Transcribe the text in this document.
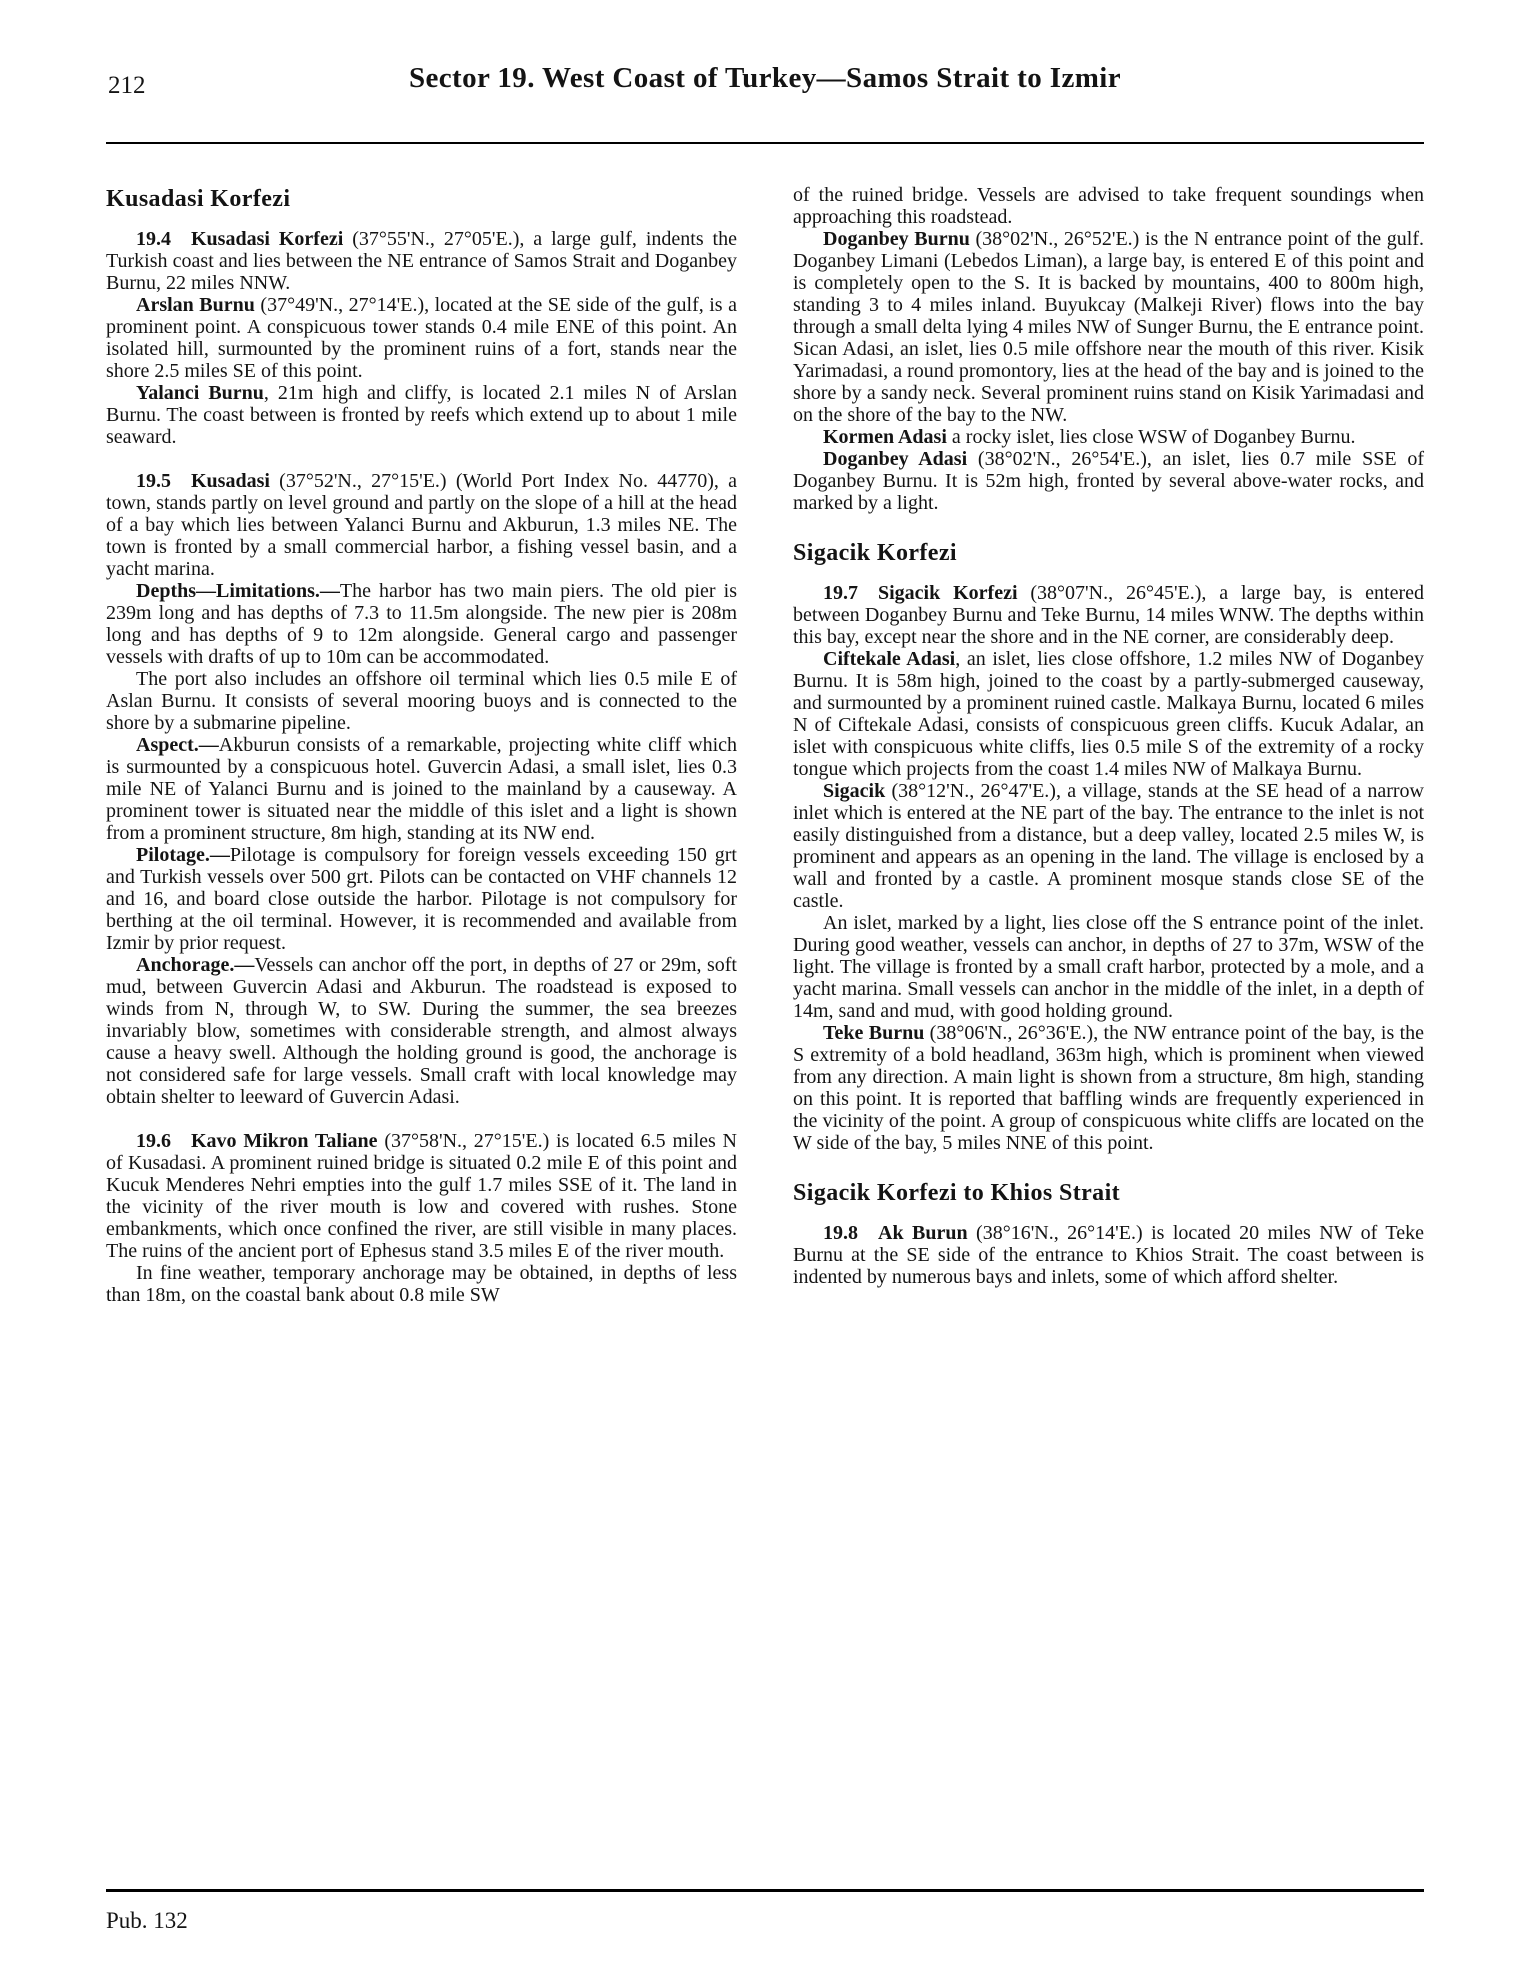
212	Sector 19. West Coast of Turkey—Samos Strait to Izmir
Kusadasi Korfezi

19.4 Kusadasi Korfezi (37°55'N., 27°05'E.), a large gulf, indents the Turkish coast and lies between the NE entrance of Samos Strait and Doganbey Burnu, 22 miles NNW.

Arslan Burnu (37°49'N., 27°14'E.), located at the SE side of the gulf, is a prominent point. A conspicuous tower stands 0.4 mile ENE of this point. An isolated hill, surmounted by the prominent ruins of a fort, stands near the shore 2.5 miles SE of this point.

Yalanci Burnu, 21m high and cliffy, is located 2.1 miles N of Arslan Burnu. The coast between is fronted by reefs which extend up to about 1 mile seaward.

19.5 Kusadasi (37°52'N., 27°15'E.) (World Port Index No. 44770), a town, stands partly on level ground and partly on the slope of a hill at the head of a bay which lies between Yalanci Burnu and Akburun, 1.3 miles NE. The town is fronted by a small commercial harbor, a fishing vessel basin, and a yacht marina.

Depths—Limitations.—The harbor has two main piers. The old pier is 239m long and has depths of 7.3 to 11.5m alongside. The new pier is 208m long and has depths of 9 to 12m alongside. General cargo and passenger vessels with drafts of up to 10m can be accommodated.

The port also includes an offshore oil terminal which lies 0.5 mile E of Aslan Burnu. It consists of several mooring buoys and is connected to the shore by a submarine pipeline.

Aspect.—Akburun consists of a remarkable, projecting white cliff which is surmounted by a conspicuous hotel. Guvercin Adasi, a small islet, lies 0.3 mile NE of Yalanci Burnu and is joined to the mainland by a causeway. A prominent tower is situated near the middle of this islet and a light is shown from a prominent structure, 8m high, standing at its NW end.

Pilotage.—Pilotage is compulsory for foreign vessels exceeding 150 grt and Turkish vessels over 500 grt. Pilots can be contacted on VHF channels 12 and 16, and board close outside the harbor. Pilotage is not compulsory for berthing at the oil terminal. However, it is recommended and available from Izmir by prior request.

Anchorage.—Vessels can anchor off the port, in depths of 27 or 29m, soft mud, between Guvercin Adasi and Akburun. The roadstead is exposed to winds from N, through W, to SW. During the summer, the sea breezes invariably blow, sometimes with considerable strength, and almost always cause a heavy swell. Although the holding ground is good, the anchorage is not considered safe for large vessels. Small craft with local knowledge may obtain shelter to leeward of Guvercin Adasi.

19.6 Kavo Mikron Taliane (37°58'N., 27°15'E.) is located 6.5 miles N of Kusadasi. A prominent ruined bridge is situated 0.2 mile E of this point and Kucuk Menderes Nehri empties into the gulf 1.7 miles SSE of it. The land in the vicinity of the river mouth is low and covered with rushes. Stone embankments, which once confined the river, are still visible in many places. The ruins of the ancient port of Ephesus stand 3.5 miles E of the river mouth.

In fine weather, temporary anchorage may be obtained, in depths of less than 18m, on the coastal bank about 0.8 mile SW

of the ruined bridge. Vessels are advised to take frequent soundings when approaching this roadstead.

Doganbey Burnu (38°02'N., 26°52'E.) is the N entrance point of the gulf. Doganbey Limani (Lebedos Liman), a large bay, is entered E of this point and is completely open to the S. It is backed by mountains, 400 to 800m high, standing 3 to 4 miles inland. Buyukcay (Malkeji River) flows into the bay through a small delta lying 4 miles NW of Sunger Burnu, the E entrance point. Sican Adasi, an islet, lies 0.5 mile offshore near the mouth of this river. Kisik Yarimadasi, a round promontory, lies at the head of the bay and is joined to the shore by a sandy neck. Several prominent ruins stand on Kisik Yarimadasi and on the shore of the bay to the NW.

Kormen Adasi a rocky islet, lies close WSW of Doganbey Burnu.

Doganbey Adasi (38°02'N., 26°54'E.), an islet, lies 0.7 mile SSE of Doganbey Burnu. It is 52m high, fronted by several above-water rocks, and marked by a light.

Sigacik Korfezi

19.7 Sigacik Korfezi (38°07'N., 26°45'E.), a large bay, is entered between Doganbey Burnu and Teke Burnu, 14 miles WNW. The depths within this bay, except near the shore and in the NE corner, are considerably deep.

Ciftekale Adasi, an islet, lies close offshore, 1.2 miles NW of Doganbey Burnu. It is 58m high, joined to the coast by a partly-submerged causeway, and surmounted by a prominent ruined castle. Malkaya Burnu, located 6 miles N of Ciftekale Adasi, consists of conspicuous green cliffs. Kucuk Adalar, an islet with conspicuous white cliffs, lies 0.5 mile S of the extremity of a rocky tongue which projects from the coast 1.4 miles NW of Malkaya Burnu.

Sigacik (38°12'N., 26°47'E.), a village, stands at the SE head of a narrow inlet which is entered at the NE part of the bay. The entrance to the inlet is not easily distinguished from a distance, but a deep valley, located 2.5 miles W, is prominent and appears as an opening in the land. The village is enclosed by a wall and fronted by a castle. A prominent mosque stands close SE of the castle.

An islet, marked by a light, lies close off the S entrance point of the inlet. During good weather, vessels can anchor, in depths of 27 to 37m, WSW of the light. The village is fronted by a small craft harbor, protected by a mole, and a yacht marina. Small vessels can anchor in the middle of the inlet, in a depth of 14m, sand and mud, with good holding ground.

Teke Burnu (38°06'N., 26°36'E.), the NW entrance point of the bay, is the S extremity of a bold headland, 363m high, which is prominent when viewed from any direction. A main light is shown from a structure, 8m high, standing on this point. It is reported that baffling winds are frequently experienced in the vicinity of the point. A group of conspicuous white cliffs are located on the W side of the bay, 5 miles NNE of this point.

Sigacik Korfezi to Khios Strait

19.8 Ak Burun (38°16'N., 26°14'E.) is located 20 miles NW of Teke Burnu at the SE side of the entrance to Khios Strait. The coast between is indented by numerous bays and inlets, some of which afford shelter.

Pub. 132
